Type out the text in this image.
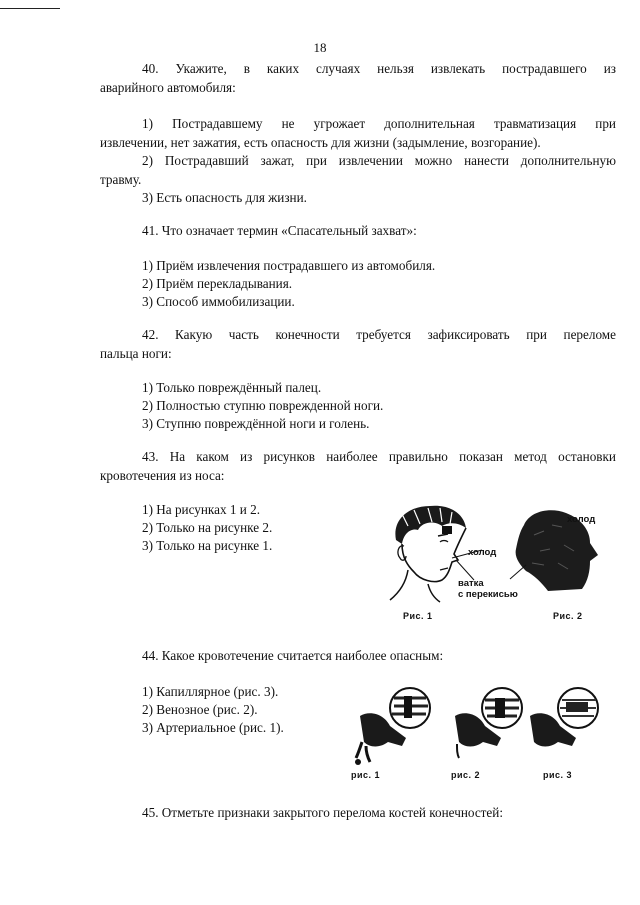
18
40. Укажите, в каких случаях нельзя извлекать пострадавшего из
аварийного автомобиля:
1) Пострадавшему не угрожает дополнительная травматизация при
извлечении, нет зажатия, есть опасность для жизни (задымление, возгорание).
2) Пострадавший зажат, при извлечении можно нанести дополнительную
травму.
3) Есть опасность для жизни.
41. Что означает термин «Спасательный захват»:
1) Приём извлечения пострадавшего из автомобиля.
2) Приём перекладывания.
3) Способ иммобилизации.
42. Какую часть конечности требуется зафиксировать при переломе
пальца ноги:
1) Только повреждённый палец.
2) Полностью ступню поврежденной ноги.
3) Ступню повреждённой ноги и голень.
43. На каком из рисунков наиболее правильно показан метод остановки
кровотечения из носа:
1) На рисунках 1 и 2.
2) Только на рисунке 2.
3) Только на рисунке 1.	холод
ватка
с перекисью
холод
Рис. 1	Рис. 2
44. Какое кровотечение считается наиболее опасным:
1) Капиллярное (рис. 3).
2) Венозное (рис. 2).
3) Артериальное (рис. 1).
рис. 1	рис. 2	рис. 3
45. Отметьте признаки закрытого перелома костей конечностей:
